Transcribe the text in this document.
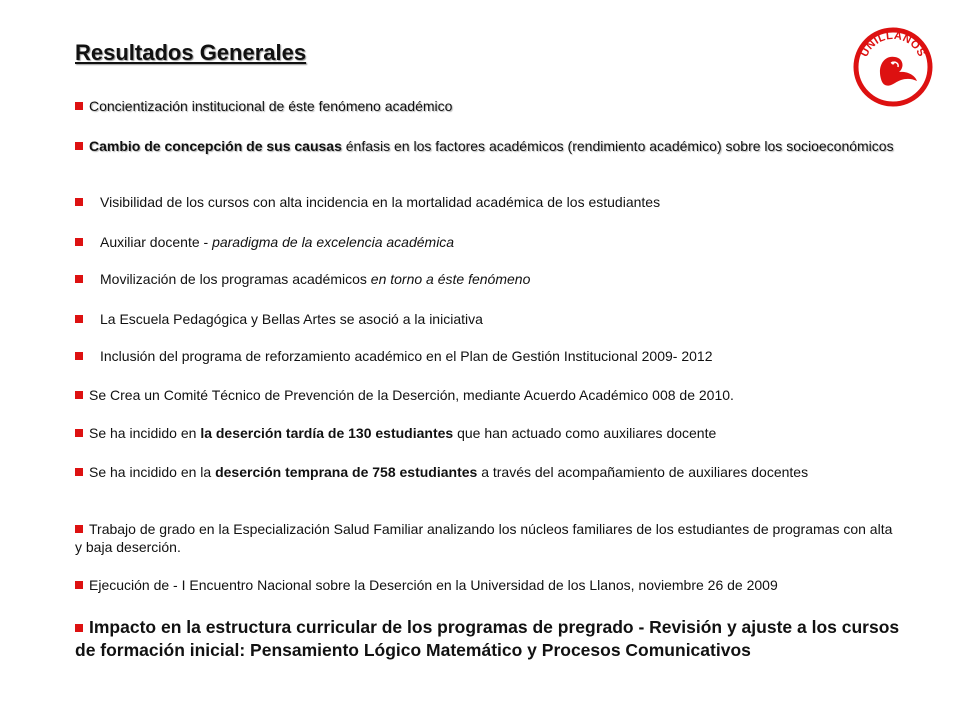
Resultados Generales	UNILLANOS

Concientización institucional de éste fenómeno académico

Cambio de concepción de sus causas énfasis en los factores académicos (rendimiento académico) sobre los socioeconómicos

Visibilidad de los cursos con alta incidencia en la mortalidad académica de los estudiantes

Auxiliar docente - paradigma de la excelencia académica

Movilización de los programas académicos en torno a éste fenómeno

La Escuela Pedagógica y Bellas Artes se asoció a la iniciativa

Inclusión del programa de reforzamiento académico en el Plan de Gestión Institucional 2009- 2012

Se Crea un Comité Técnico de Prevención de la Deserción, mediante Acuerdo Académico 008 de 2010.

Se ha incidido en la deserción tardía de 130 estudiantes que han actuado como auxiliares docente

Se ha incidido en la deserción temprana de 758 estudiantes a través del acompañamiento de auxiliares docentes

Trabajo de grado en la Especialización Salud Familiar analizando los núcleos familiares de los estudiantes de programas con alta y baja deserción.

Ejecución de - I Encuentro Nacional sobre la Deserción en la Universidad de los Llanos, noviembre 26 de 2009

Impacto en la estructura curricular de los programas de pregrado - Revisión y ajuste a los cursos de formación inicial: Pensamiento Lógico Matemático y Procesos Comunicativos
